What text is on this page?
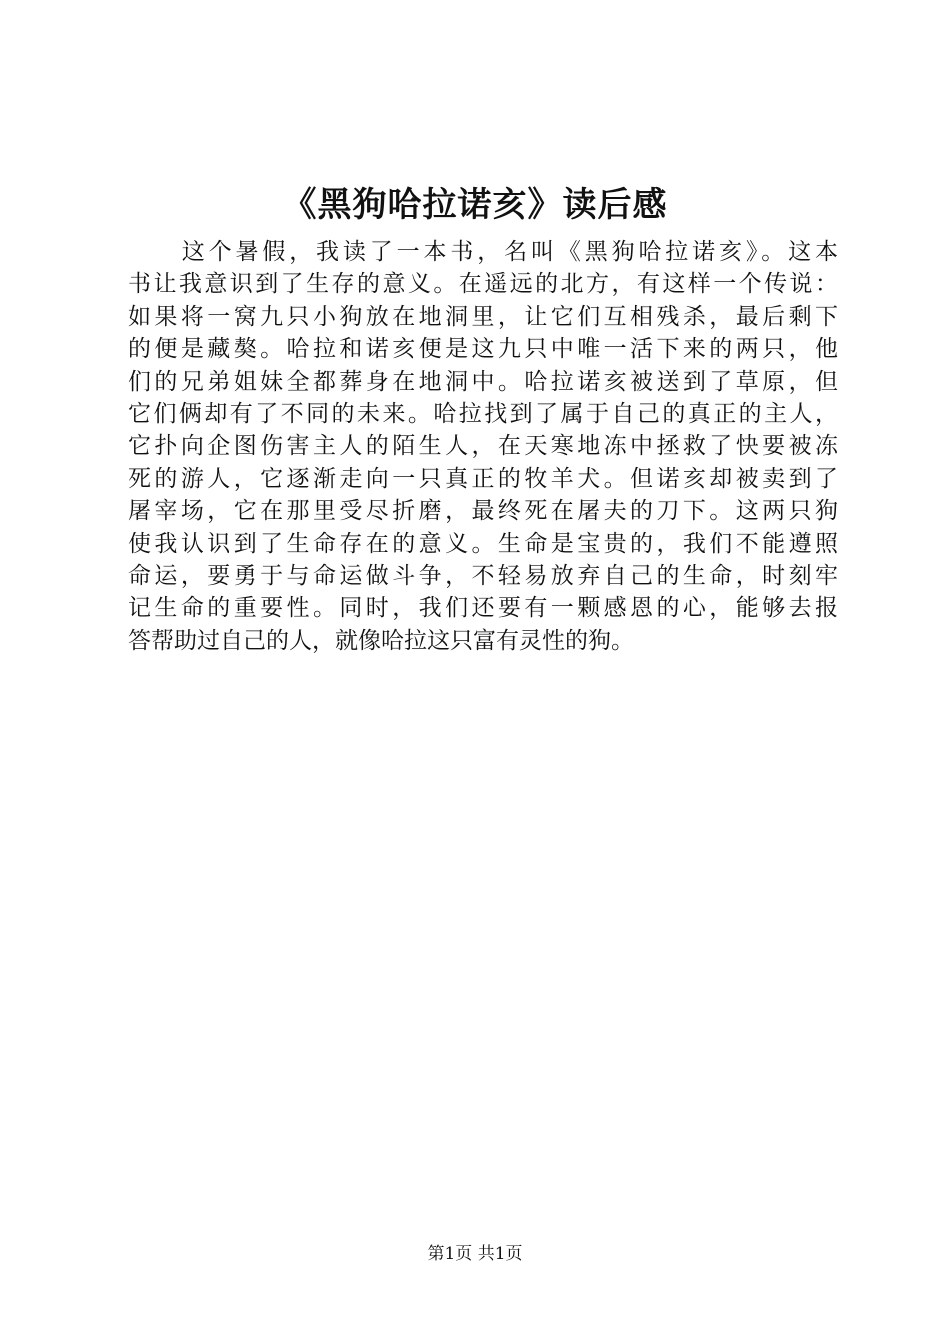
《黑狗哈拉诺亥》读后感
　　这个暑假，我读了一本书，名叫《黑狗哈拉诺亥》。这本
书让我意识到了生存的意义。在遥远的北方，有这样一个传说：
如果将一窝九只小狗放在地洞里，让它们互相残杀，最后剩下
的便是藏獒。哈拉和诺亥便是这九只中唯一活下来的两只，他
们的兄弟姐妹全都葬身在地洞中。哈拉诺亥被送到了草原，但
它们俩却有了不同的未来。哈拉找到了属于自己的真正的主人，
它扑向企图伤害主人的陌生人，在天寒地冻中拯救了快要被冻
死的游人，它逐渐走向一只真正的牧羊犬。但诺亥却被卖到了
屠宰场，它在那里受尽折磨，最终死在屠夫的刀下。这两只狗
使我认识到了生命存在的意义。生命是宝贵的，我们不能遵照
命运，要勇于与命运做斗争，不轻易放弃自己的生命，时刻牢
记生命的重要性。同时，我们还要有一颗感恩的心，能够去报
答帮助过自己的人，就像哈拉这只富有灵性的狗。
第1页 共1页
